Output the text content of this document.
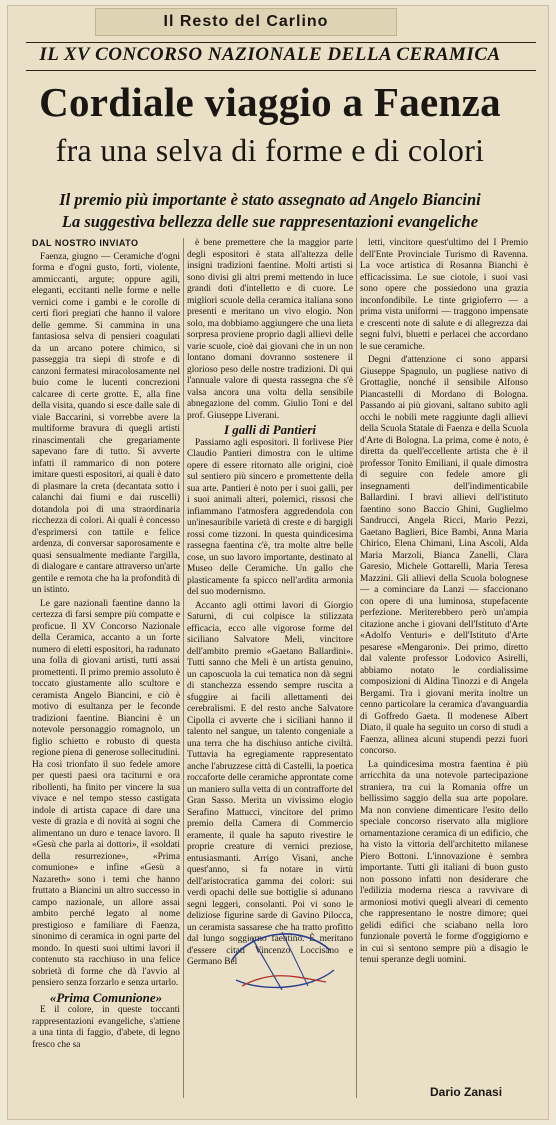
Il Resto del Carlino
IL XV CONCORSO NAZIONALE DELLA CERAMICA
Cordiale viaggio a Faenza
fra una selva di forme e di colori
Il premio più importante è stato assegnato ad Angelo Biancini
La suggestiva bellezza delle sue rappresentazioni evangeliche
DAL NOSTRO INVIATO

Faenza, giugno — Ceramiche d'ogni forma e d'ogni gusto, forti, violente, ammiccanti, argute; oppure agili, eleganti, eccitanti nelle forme e nelle vernici come i gambi e le corolle di certi fiori pregiati che hanno il valore delle gemme. Si cammina in una fantasiosa selva di pensieri coagulati da un arcano potere chimico, si passeggia tra siepi di strofe e di canzoni fermatesi miracolosamente nel buio come le lucenti concrezioni calcaree di certe grotte. E, alla fine della visita, quando si esce dalle sale di viale Baccarini, si vorrebbe avere la multiforme bravura di quegli artisti rinascimentali che gregariamente sapevano fare di tutto. Si avverte infatti il rammarico di non potere imitare questi espositori, ai quali è dato di plasmare la creta (decantata sotto i calanchi dai fiumi e dai ruscelli) dotandola poi di una straordinaria ricchezza di colori. Ai quali è concesso d'esprimersi con tattile e felice ardenza, di conversar saporosamente e quasi sensualmente mediante l'argilla, di dialogare e cantare attraverso un'arte gentile e remota che ha la profondità di un istinto.

Le gare nazionali faentine danno la certezza di farsi sempre più compatte e proficue. Il XV Concorso Nazionale della Ceramica, accanto a un forte numero di eletti espositori, ha radunato una folla di giovani artisti, tutti assai promettenti. Il primo premio assoluto è toccato giustamente allo scultore e ceramista Angelo Biancini, e ciò è motivo di esultanza per le feconde tradizioni faentine. Biancini è un notevole personaggio romagnolo, un figlio schietto e robusto di questa regione piena di generose sollecitudini. Ha così trionfato il suo fedele amore per questi paesi ora taciturni e ora ribollenti, ha finito per vincere la sua vivace e nel tempo stesso castigata indole di artista capace di dare una veste di grazia e di novità ai sogni che alimentano un duro e tenace lavoro. Il «Gesù che parla ai dottori», il «soldati della resurrezione», «Prima comunione» e infine «Gesù a Nazareth» sono i temi che hanno fruttato a Biancini un altro successo in campo nazionale, un allore assai ambito perché legato al nome prestigioso e familiare di Faenza, sinonimo di ceramica in ogni parte del mondo. In questi suoi ultimi lavori il contenuto sta racchiuso in una felice sobrietà di forme che dà l'avvio al pensiero senza forzarlo e senza urtarlo.

«Prima Comunione»

E il colore, in queste toccanti rappresentazioni evangeliche, s'attiene a una tinta di faggio, d'abete, di legno fresco che sa

è bene premettere che la maggior parte degli espositori è stata all'altezza delle insigni tradizioni faentine. Molti artisti si sono divisi gli altri premi mettendo in luce grandi doti d'intelletto e di cuore. Le migliori scuole della ceramica italiana sono presenti e meritano un vivo elogio. Non solo, ma dobbiamo aggiungere che una lieta sorpresa proviene proprio dagli allievi delle varie scuole, cioè dai giovani che in un non lontano domani dovranno sostenere il glorioso peso delle nostre tradizioni. Di qui l'annuale valore di questa rassegna che s'è valsa ancora una volta della sensibile abnegazione del comm. Giulio Toni e del prof. Giuseppe Liverani.

I galli di Pantieri

Passiamo agli espositori. Il forlivese Pier Claudio Pantieri dimostra con le ultime opere di essere ritornato alle origini, cioè sul sentiero più sincero e promettente della sua arte. Pantieri è noto per i suoi galli, per i suoi animali alteri, polemici, rissosi che infiammano l'atmosfera aggredendola con un'inesauribile varietà di creste e di bargigli rossi come tizzoni. In questa quindicesima rassegna faentina c'è, tra molte altre belle cose, un suo lavoro importante, destinato al Museo delle Ceramiche. Un gallo che plasticamente fa spicco nell'ardita armonia del suo modernismo.

Accanto agli ottimi lavori di Giorgio Saturni, di cui colpisce la stilizzata efficacia, ecco alle vigorose forme del siciliano Salvatore Meli, vincitore dell'ambito premio «Gaetano Ballardini». Tutti sanno che Meli è un artista genuino, un caposcuola la cui tematica non dà segni di stanchezza essendo sempre ruscita a sfuggire ai facili allettamenti dei cerebralismi. E del resto anche Salvatore Cipolla ci avverte che i siciliani hanno il talento nel sangue, un talento congeniale a una terra che ha dischiuso antiche civiltà. Tuttavia ha egregiamente rappresentato anche l'abruzzese città di Castelli, la poetica roccaforte delle ceramiche approntate come un maniero sulla vetta di un contrafforte del Gran Sasso. Merita un vivissimo elogio Serafino Mattucci, vincitore del primo premio della Camera di Commercio eramente, il quale ha saputo rivestire le proprie creature di vernici preziose, entusiasmanti. Arrigo Visani, anche quest'anno, si fa notare in virtù dell'aristocratica gamma dei colori: sui verdi opachi delle sue bottiglie si adunano segni leggeri, consolanti. Poi vi sono le deliziose figurine sarde di Gavino Pilocca, un ceramista sassarese che ha tratto profitto dal lungo soggiorno faentino. È meritano d'essere citati Vincenzo Loccisano e Germano Bel

letti, vincitore quest'ultimo del I Premio dell'Ente Provinciale Turismo di Ravenna. La voce artistica di Rosanna Bianchi è efficacissima. Le sue ciotole, i suoi vasi sono opere che possiedono una grazia inconfondibile. Le tinte grigioferro — a prima vista uniformi — traggono impensate e crescenti note di salute e di allegrezza dai segni fulvi, bluetti e perlacei che accordano le sue ceramiche.

Degni d'attenzione ci sono apparsi Giuseppe Spagnulo, un pugliese nativo di Grottaglie, nonché il sensibile Alfonso Piancastelli di Mordano di Bologna. Passando ai più giovani, saltano subito agli occhi le nobili mete raggiunte dagli allievi della Scuola Statale di Faenza e della Scuola d'Arte di Bologna. La prima, come è noto, è diretta da quell'eccellente artista che è il professor Tonito Emiliani, il quale dimostra di seguire con fedele amore gli insegnamenti dell'indimenticabile Ballardini. I bravi allievi dell'istituto faentino sono Baccio Ghini, Guglielmo Sandrucci, Angela Ricci, Mario Pezzi, Gaetano Baglieri, Bice Bambi, Anna Maria Chirico, Elena Chimani, Lina Ascoli, Alda Maria Marzoli, Bianca Zanelli, Clara Garesio, Michele Gottarelli, Maria Teresa Mazzini. Gli allievi della Scuola bolognese — a cominciare da Lanzi — sfaccionano con opere di una luminosa, stupefacente perfezione. Meriterebbero però un'ampia citazione anche i giovani dell'Istituto d'Arte «Adolfo Venturi» e dell'Istituto d'Arte pesarese «Mengaroni». Dei primo, diretto dal valente professor Lodovico Asirelli, abbiamo notato le cordialissime composizioni di Aldina Tinozzi e di Angela Bergami. Tra i giovani merita inoltre un cenno particolare la ceramica d'avanguardia di Goffredo Gaeta. Il modenese Albert Diato, il quale ha seguito un corso di studi a Faenza, allinea alcuni stupendi pezzi fuori concorso.

La quindicesima mostra faentina è più arricchita da una notevole partecipazione straniera, tra cui la Romania offre un bellissimo saggio della sua arte popolare. Ma non conviene dimenticare l'esito dello speciale concorso riservato alla migliore ornamentazione ceramica di un edificio, che ha visto la vittoria dell'architetto milanese Piero Bottoni. L'innovazione è sembra importante. Tutti gli italiani di buon gusto non possono infatti non desiderare che l'edilizia moderna riesca a ravvivare di armoniosi motivi quegli alveari di cemento che rappresentano le nostre dimore; quei gelidi edifici che sciabano nella loro funzionale povertà le forme d'oggigiorno e in cui si sentono sempre più a disagio le tenui speranze degli uomini.

Dario Zanasi
